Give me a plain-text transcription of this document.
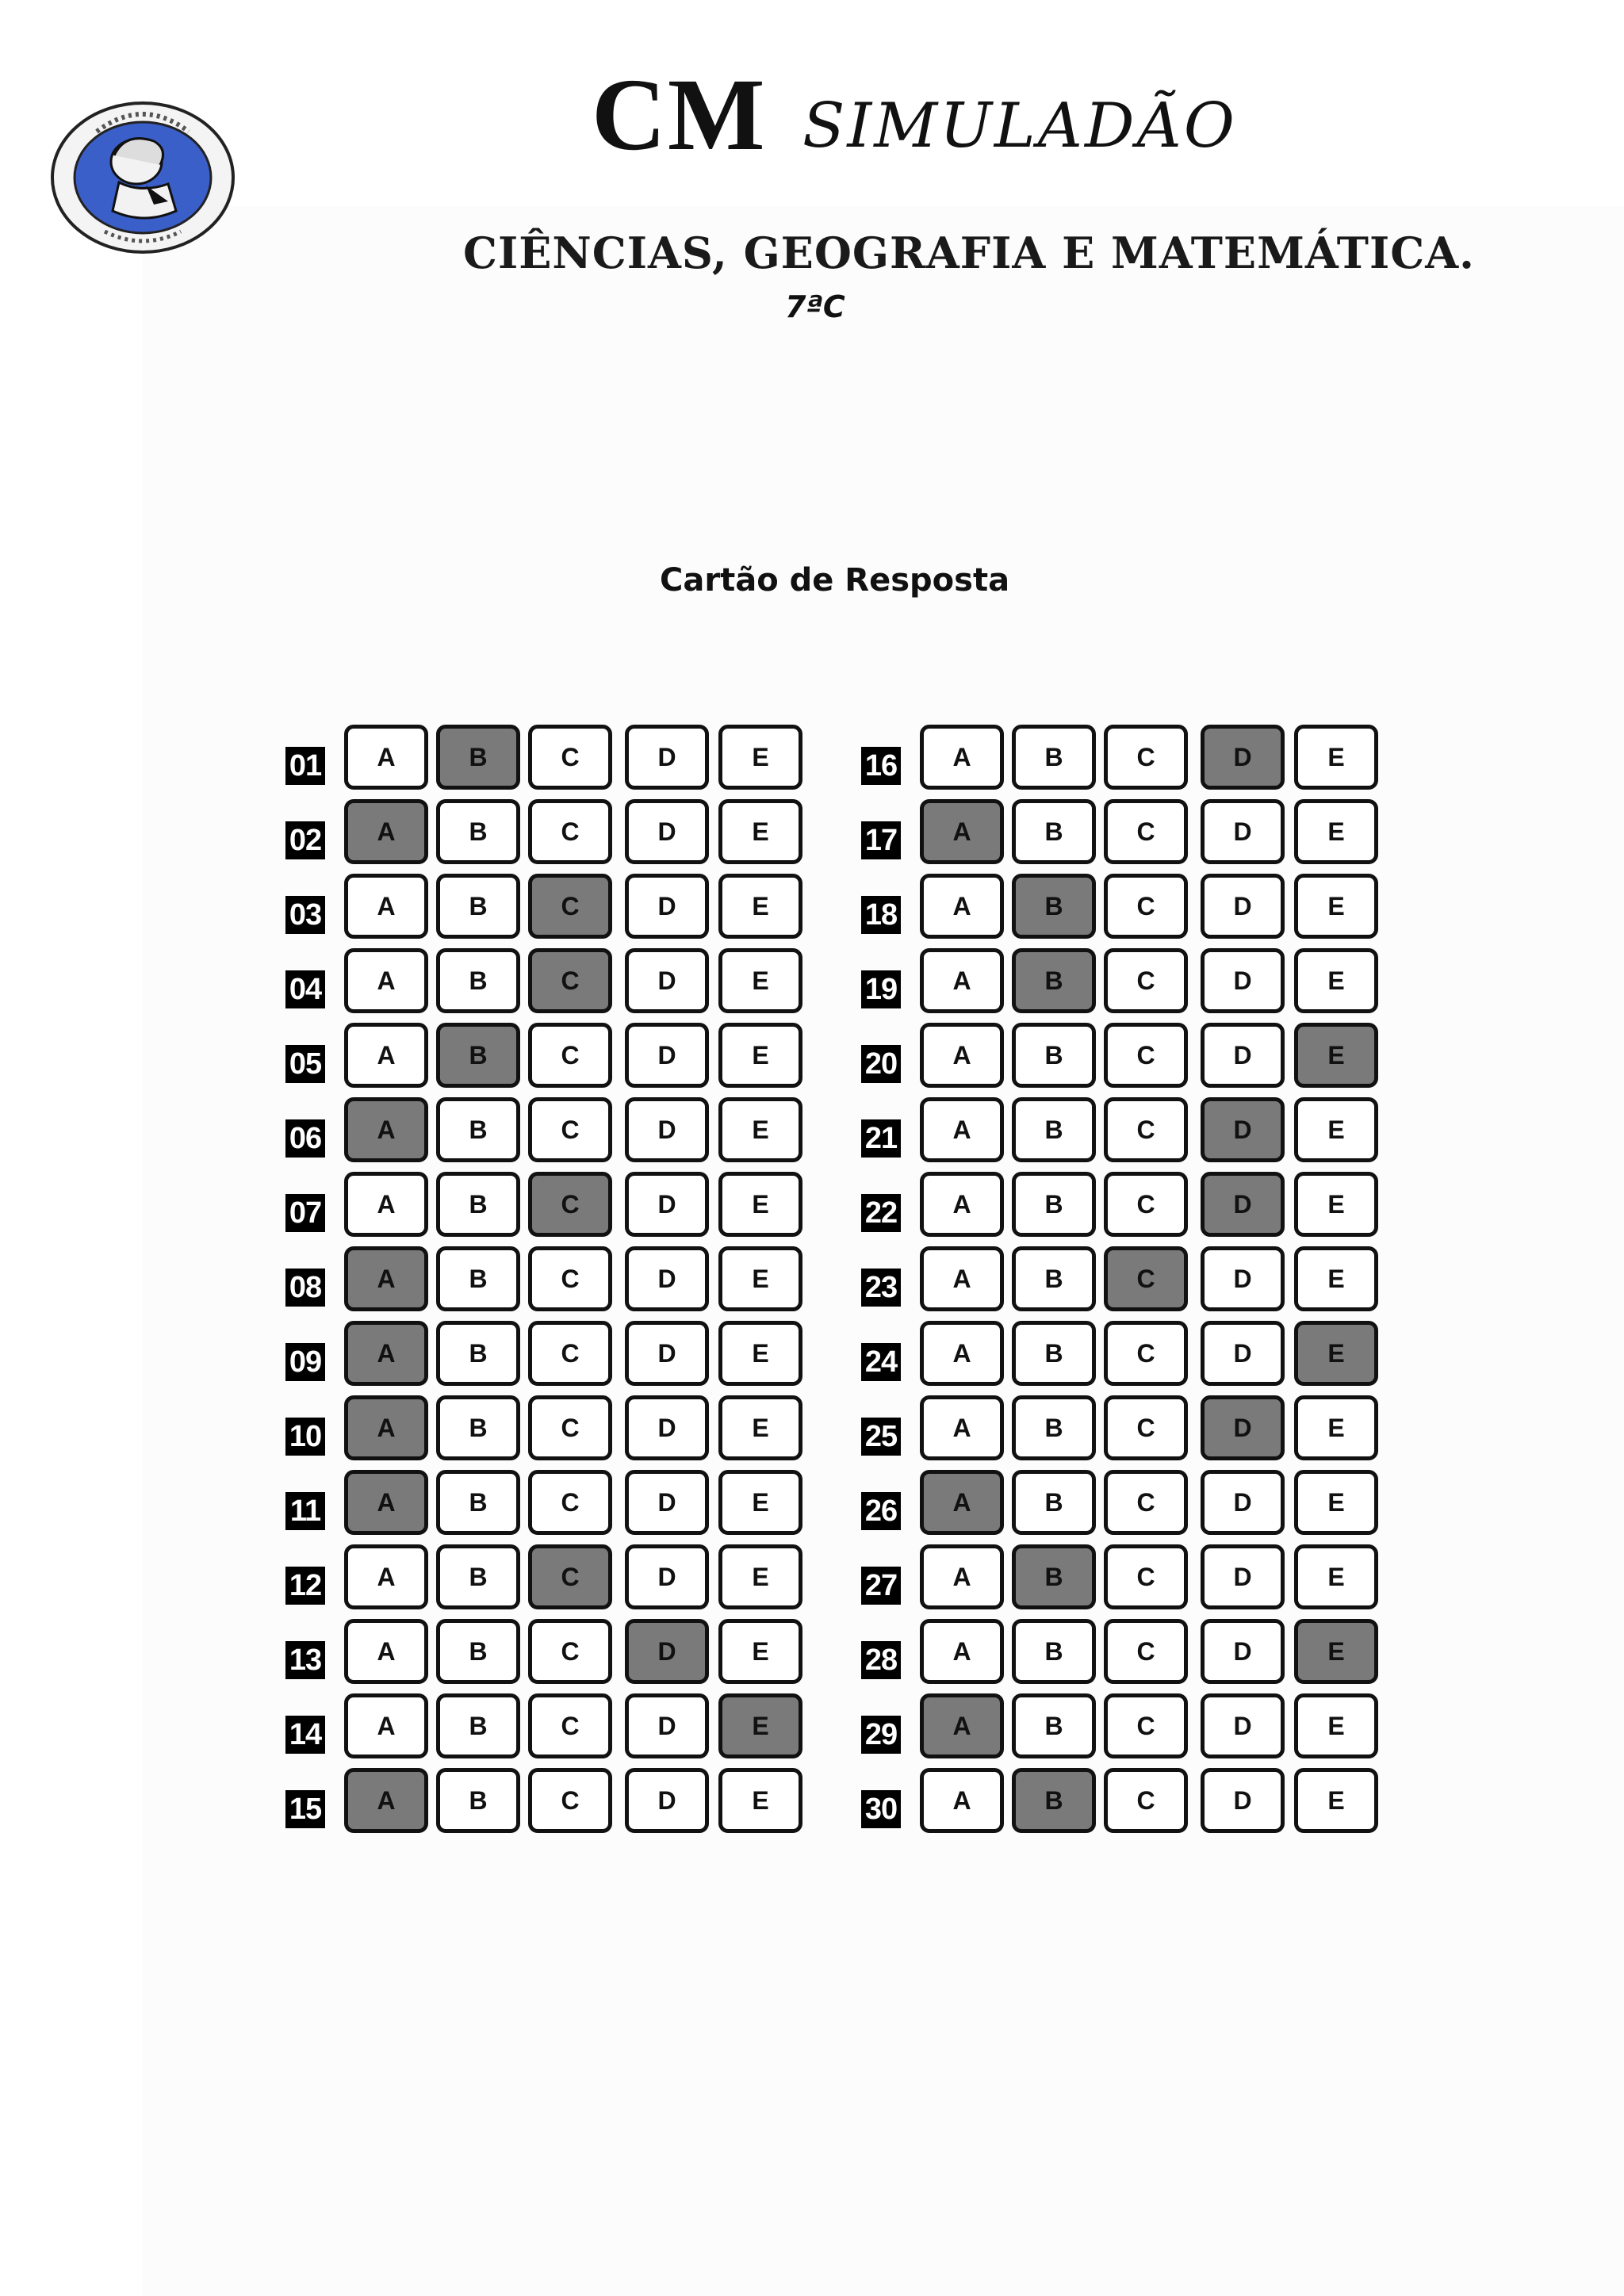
CM SIMULADÃO
CIÊNCIAS, GEOGRAFIA E MATEMÁTICA.
7ªC
Cartão de Resposta
01	A	B	C	D	E
02	A	B	C	D	E
03	A	B	C	D	E
04	A	B	C	D	E
05	A	B	C	D	E
06	A	B	C	D	E
07	A	B	C	D	E
08	A	B	C	D	E
09	A	B	C	D	E
10	A	B	C	D	E
11	A	B	C	D	E
12	A	B	C	D	E
13	A	B	C	D	E
14	A	B	C	D	E
15	A	B	C	D	E
16	A	B	C	D	E
17	A	B	C	D	E
18	A	B	C	D	E
19	A	B	C	D	E
20	A	B	C	D	E
21	A	B	C	D	E
22	A	B	C	D	E
23	A	B	C	D	E
24	A	B	C	D	E
25	A	B	C	D	E
26	A	B	C	D	E
27	A	B	C	D	E
28	A	B	C	D	E
29	A	B	C	D	E
30	A	B	C	D	E
